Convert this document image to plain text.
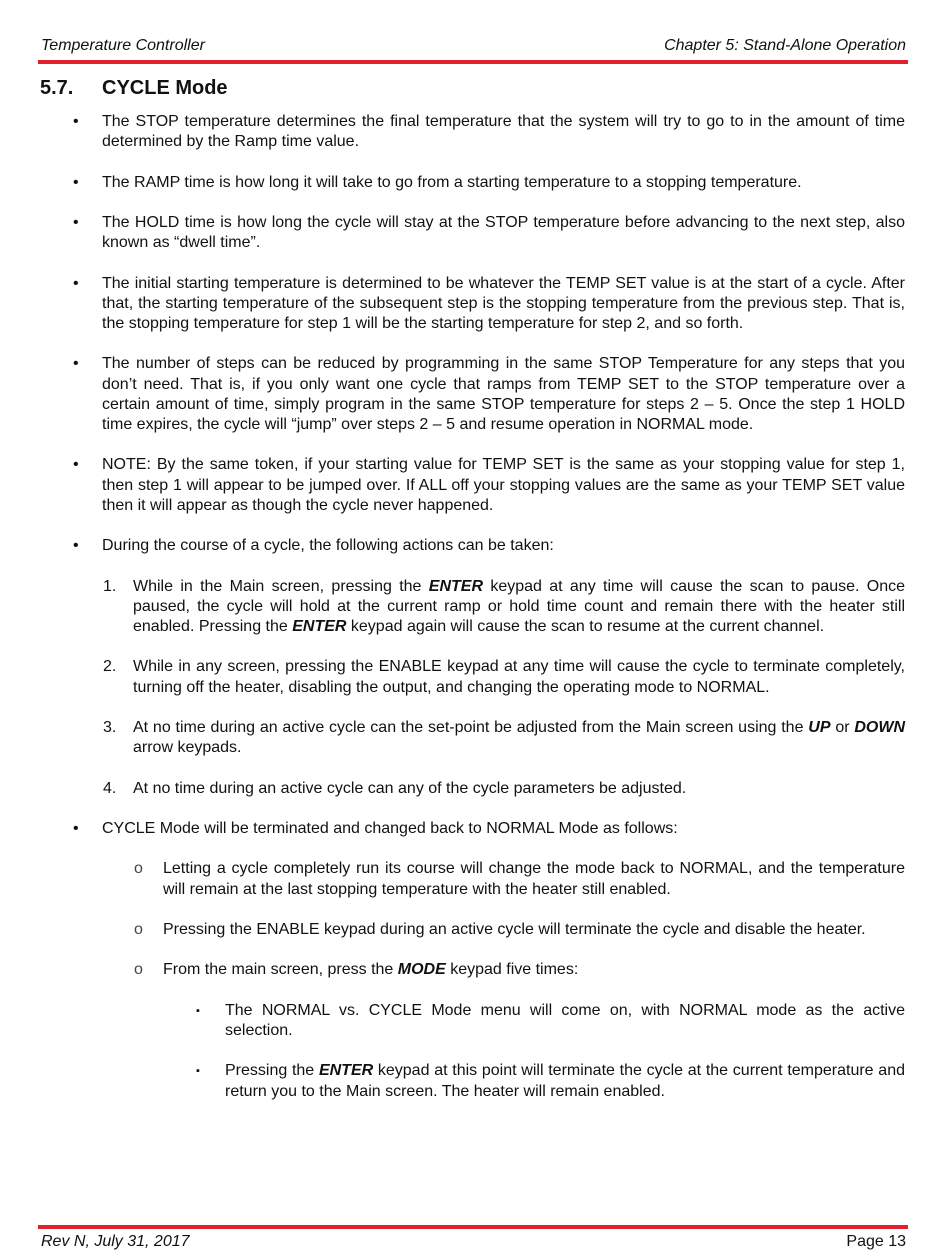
Temperature Controller	Chapter 5: Stand-Alone Operation
5.7. CYCLE Mode
• The STOP temperature determines the final temperature that the system will try to go to in the amount of time determined by the Ramp time value.
• The RAMP time is how long it will take to go from a starting temperature to a stopping temperature.
• The HOLD time is how long the cycle will stay at the STOP temperature before advancing to the next step, also known as “dwell time”.
• The initial starting temperature is determined to be whatever the TEMP SET value is at the start of a cycle. After that, the starting temperature of the subsequent step is the stopping temperature from the previous step. That is, the stopping temperature for step 1 will be the starting temperature for step 2, and so forth.
• The number of steps can be reduced by programming in the same STOP Temperature for any steps that you don’t need. That is, if you only want one cycle that ramps from TEMP SET to the STOP temperature over a certain amount of time, simply program in the same STOP temperature for steps 2 – 5. Once the step 1 HOLD time expires, the cycle will “jump” over steps 2 – 5 and resume operation in NORMAL mode.
• NOTE: By the same token, if your starting value for TEMP SET is the same as your stopping value for step 1, then step 1 will appear to be jumped over. If ALL off your stopping values are the same as your TEMP SET value then it will appear as though the cycle never happened.
• During the course of a cycle, the following actions can be taken:
1. While in the Main screen, pressing the ENTER keypad at any time will cause the scan to pause. Once paused, the cycle will hold at the current ramp or hold time count and remain there with the heater still enabled. Pressing the ENTER keypad again will cause the scan to resume at the current channel.
2. While in any screen, pressing the ENABLE keypad at any time will cause the cycle to terminate completely, turning off the heater, disabling the output, and changing the operating mode to NORMAL.
3. At no time during an active cycle can the set-point be adjusted from the Main screen using the UP or DOWN arrow keypads.
4. At no time during an active cycle can any of the cycle parameters be adjusted.
• CYCLE Mode will be terminated and changed back to NORMAL Mode as follows:
o Letting a cycle completely run its course will change the mode back to NORMAL, and the temperature will remain at the last stopping temperature with the heater still enabled.
o Pressing the ENABLE keypad during an active cycle will terminate the cycle and disable the heater.
o From the main screen, press the MODE keypad five times:
▪ The NORMAL vs. CYCLE Mode menu will come on, with NORMAL mode as the active selection.
▪ Pressing the ENTER keypad at this point will terminate the cycle at the current temperature and return you to the Main screen. The heater will remain enabled.
Rev N, July 31, 2017	Page 13
